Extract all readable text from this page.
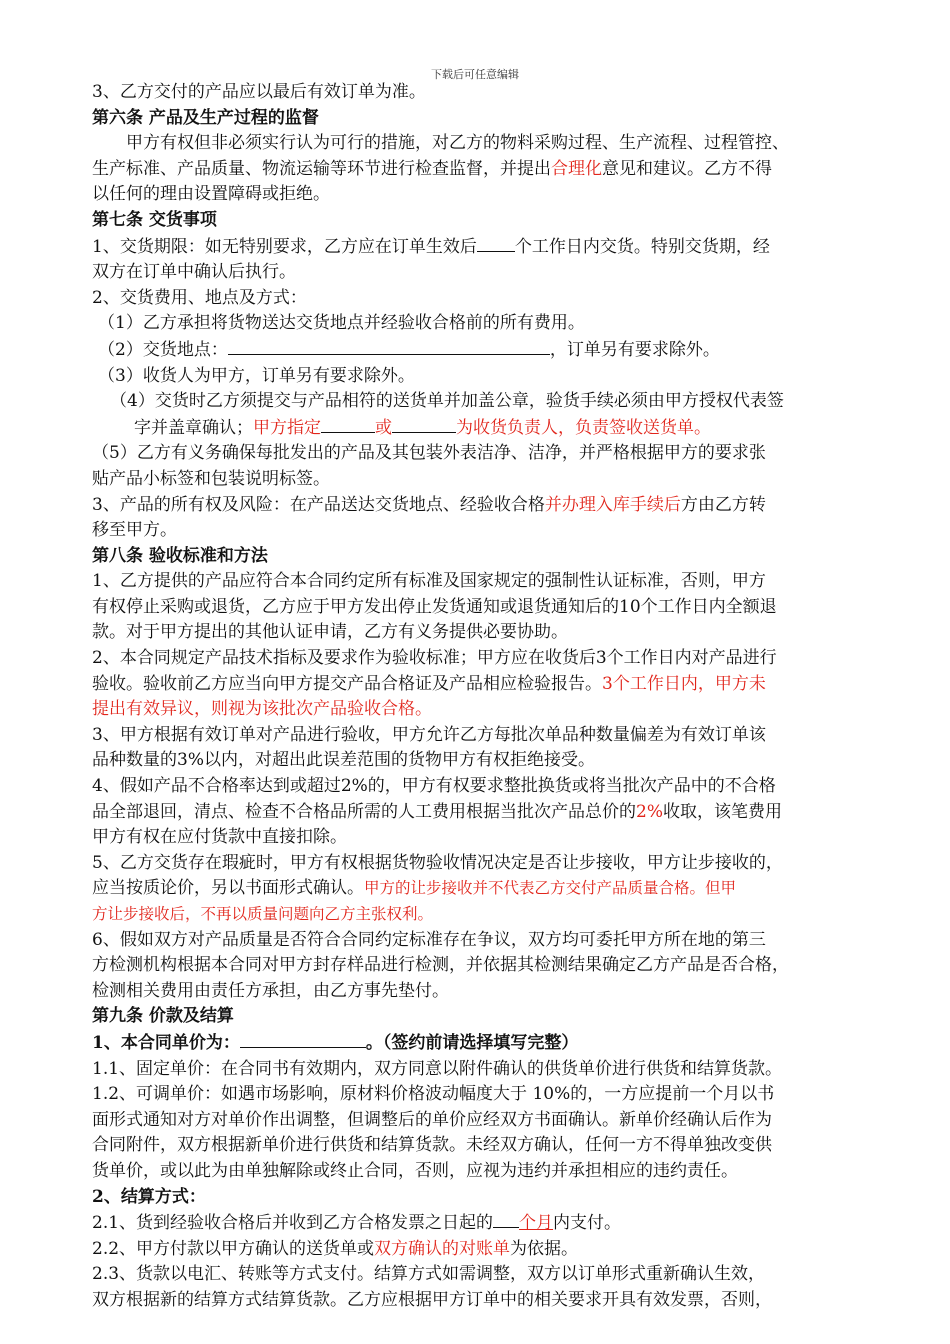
下载后可任意编辑

3、乙方交付的产品应以最后有效订单为准。

第六条 产品及生产过程的监督

甲方有权但非必须实行认为可行的措施，对乙方的物料采购过程、生产流程、过程管控、

生产标准、产品质量、物流运输等环节进行检查监督，并提出合理化意见和建议。乙方不得

以任何的理由设置障碍或拒绝。

第七条 交货事项

1、交货期限：如无特别要求，乙方应在订单生效后 个工作日内交货。特别交货期，经

双方在订单中确认后执行。

2、交货费用、地点及方式：

（1）乙方承担将货物送达交货地点并经验收合格前的所有费用。

（2）交货地点：	，订单另有要求除外。

（3）收货人为甲方，订单另有要求除外。

（4）交货时乙方须提交与产品相符的送货单并加盖公章，验货手续必须由甲方授权代表签

字并盖章确认；甲方指定	或	为收货负责人，负责签收送货单。

（5）乙方有义务确保每批发出的产品及其包装外表洁净、洁净，并严格根据甲方的要求张

贴产品小标签和包装说明标签。

3、产品的所有权及风险：在产品送达交货地点、经验收合格并办理入库手续后方由乙方转

移至甲方。

第八条 验收标准和方法

1、乙方提供的产品应符合本合同约定所有标准及国家规定的强制性认证标准，否则，甲方

有权停止采购或退货，乙方应于甲方发出停止发货通知或退货通知后的10个工作日内全额退

款。对于甲方提出的其他认证申请，乙方有义务提供必要协助。

2、本合同规定产品技术指标及要求作为验收标准；甲方应在收货后3个工作日内对产品进行

验收。验收前乙方应当向甲方提交产品合格证及产品相应检验报告。3个工作日内，甲方未

提出有效异议，则视为该批次产品验收合格。

3、甲方根据有效订单对产品进行验收，甲方允许乙方每批次单品种数量偏差为有效订单该

品种数量的3%以内，对超出此误差范围的货物甲方有权拒绝接受。

4、假如产品不合格率达到或超过2%的，甲方有权要求整批换货或将当批次产品中的不合格

品全部退回，清点、检查不合格品所需的人工费用根据当批次产品总价的2%收取，该笔费用

甲方有权在应付货款中直接扣除。

5、乙方交货存在瑕疵时，甲方有权根据货物验收情况决定是否让步接收，甲方让步接收的，

应当按质论价，另以书面形式确认。甲方的让步接收并不代表乙方交付产品质量合格。但甲

方让步接收后，不再以质量问题向乙方主张权利。

6、假如双方对产品质量是否符合合同约定标准存在争议，双方均可委托甲方所在地的第三

方检测机构根据本合同对甲方封存样品进行检测，并依据其检测结果确定乙方产品是否合格，

检测相关费用由责任方承担，由乙方事先垫付。

第九条 价款及结算

1、本合同单价为：	。（签约前请选择填写完整）

1.1、固定单价：在合同书有效期内，双方同意以附件确认的供货单价进行供货和结算货款。

1.2、可调单价：如遇市场影响，原材料价格波动幅度大于 10%的，一方应提前一个月以书

面形式通知对方对单价作出调整，但调整后的单价应经双方书面确认。新单价经确认后作为

合同附件，双方根据新单价进行供货和结算货款。未经双方确认，任何一方不得单独改变供

货单价，或以此为由单独解除或终止合同，否则，应视为违约并承担相应的违约责任。

2、结算方式：

2.1、货到经验收合格后并收到乙方合格发票之日起的 个月内支付。

2.2、甲方付款以甲方确认的送货单或双方确认的对账单为依据。

2.3、货款以电汇、转账等方式支付。结算方式如需调整，双方以订单形式重新确认生效，

双方根据新的结算方式结算货款。乙方应根据甲方订单中的相关要求开具有效发票，否则，
